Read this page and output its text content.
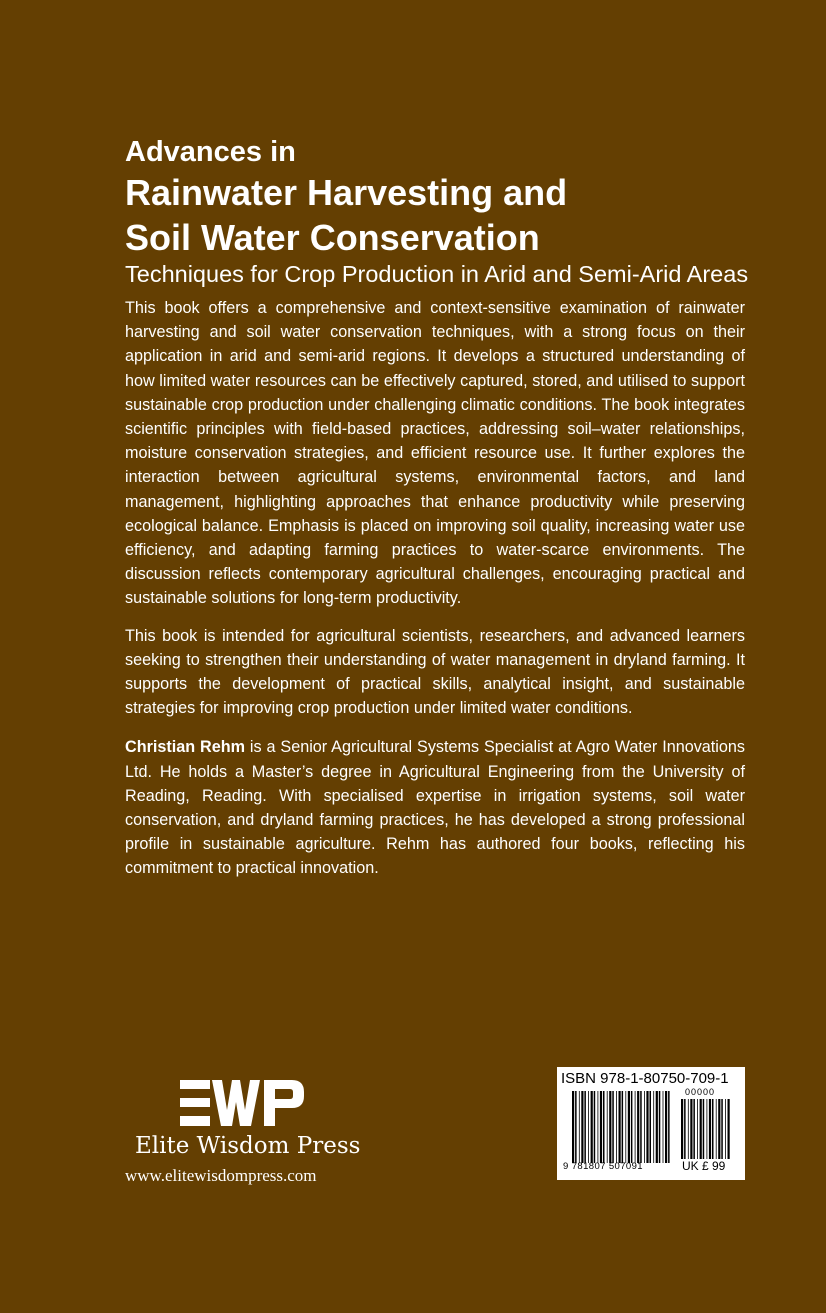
Advances in
Rainwater Harvesting and
Soil Water Conservation
Techniques for Crop Production in Arid and Semi-Arid Areas

This book offers a comprehensive and context-sensitive examination of rainwater harvesting and soil water conservation techniques, with a strong focus on their application in arid and semi-arid regions. It develops a structured understanding of how limited water resources can be effectively captured, stored, and utilised to support sustainable crop production under challenging climatic conditions. The book integrates scientific principles with field-based practices, addressing soil–water relationships, moisture conservation strategies, and efficient resource use. It further explores the interaction between agricultural systems, environmental factors, and land management, highlighting approaches that enhance productivity while preserving ecological balance. Emphasis is placed on improving soil quality, increasing water use efficiency, and adapting farming practices to water-scarce environments. The discussion reflects contemporary agricultural challenges, encouraging practical and sustainable solutions for long-term productivity.

This book is intended for agricultural scientists, researchers, and advanced learners seeking to strengthen their understanding of water management in dryland farming. It supports the development of practical skills, analytical insight, and sustainable strategies for improving crop production under limited water conditions.

Christian Rehm is a Senior Agricultural Systems Specialist at Agro Water Innovations Ltd. He holds a Master’s degree in Agricultural Engineering from the University of Reading, Reading. With specialised expertise in irrigation systems, soil water conservation, and dryland farming practices, he has developed a strong professional profile in sustainable agriculture. Rehm has authored four books, reflecting his commitment to practical innovation.

Elite Wisdom Press
www.elitewisdompress.com
ISBN 978-1-80750-709-1
00000
9 781807 507091	UK £ 99
